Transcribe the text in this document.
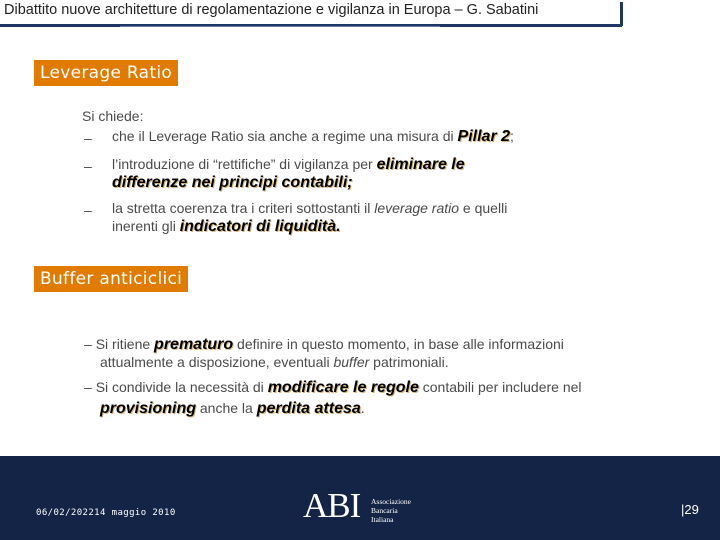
Dibattito nuove architetture di regolamentazione e vigilanza in Europa – G. Sabatini
Leverage Ratio
Si chiede:
– che il Leverage Ratio sia anche a regime una misura di Pillar 2;
– l’introduzione di “rettifiche” di vigilanza per eliminare le
differenze nei principi contabili;
– la stretta coerenza tra i criteri sottostanti il leverage ratio e quelli
inerenti gli indicatori di liquidità.
Buffer anticiclici
– Si ritiene prematuro definire in questo momento, in base alle informazioni
attualmente a disposizione, eventuali buffer patrimoniali.
– Si condivide la necessità di modificare le regole contabili per includere nel
provisioning anche la perdita attesa.
06/02/202214 maggio 2010	ABI Associazione
Bancaria
Italiana
|29
